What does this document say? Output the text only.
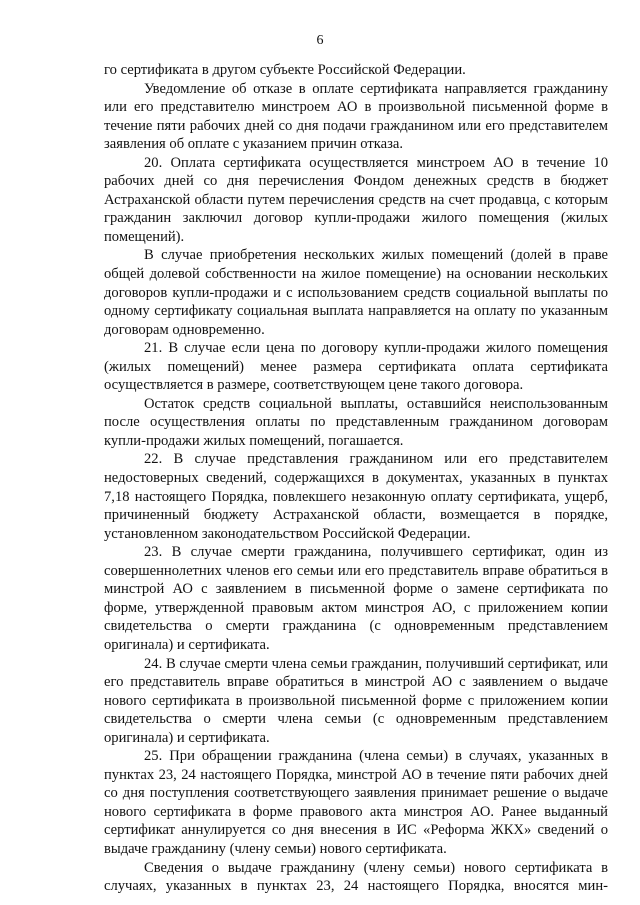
6

го сертификата в другом субъекте Российской Федерации.

Уведомление об отказе в оплате сертификата направляется гражданину или его представителю минстроем АО в произвольной письменной форме в течение пяти рабочих дней со дня подачи гражданином или его представителем заявления об оплате с указанием причин отказа.

20. Оплата сертификата осуществляется минстроем АО в течение 10 рабочих дней со дня перечисления Фондом денежных средств в бюджет Астраханской области путем перечисления средств на счет продавца, с которым гражданин заключил договор купли-продажи жилого помещения (жилых помещений).

В случае приобретения нескольких жилых помещений (долей в праве общей долевой собственности на жилое помещение) на основании нескольких договоров купли-продажи и с использованием средств социальной выплаты по одному сертификату социальная выплата направляется на оплату по указанным договорам одновременно.

21. В случае если цена по договору купли-продажи жилого помещения (жилых помещений) менее размера сертификата оплата сертификата осуществляется в размере, соответствующем цене такого договора.

Остаток средств социальной выплаты, оставшийся неиспользованным после осуществления оплаты по представленным гражданином договорам купли-продажи жилых помещений, погашается.

22. В случае представления гражданином или его представителем недостоверных сведений, содержащихся в документах, указанных в пунктах 7,18 настоящего Порядка, повлекшего незаконную оплату сертификата, ущерб, причиненный бюджету Астраханской области, возмещается в порядке, установленном законодательством Российской Федерации.

23. В случае смерти гражданина, получившего сертификат, один из совершеннолетних членов его семьи или его представитель вправе обратиться в минстрой АО с заявлением в письменной форме о замене сертификата по форме, утвержденной правовым актом минстроя АО, с приложением копии свидетельства о смерти гражданина (с одновременным представлением оригинала) и сертификата.

24. В случае смерти члена семьи гражданин, получивший сертификат, или его представитель вправе обратиться в минстрой АО с заявлением о выдаче нового сертификата в произвольной письменной форме с приложением копии свидетельства о смерти члена семьи (с одновременным представлением оригинала) и сертификата.

25. При обращении гражданина (члена семьи) в случаях, указанных в пунктах 23, 24 настоящего Порядка, минстрой АО в течение пяти рабочих дней со дня поступления соответствующего заявления принимает решение о выдаче нового сертификата в форме правового акта минстроя АО. Ранее выданный сертификат аннулируется со дня внесения в ИС «Реформа ЖКХ» сведений о выдаче гражданину (члену семьи) нового сертификата.

Сведения о выдаче гражданину (члену семьи) нового сертификата в случаях, указанных в пунктах 23, 24 настоящего Порядка, вносятся мин-
